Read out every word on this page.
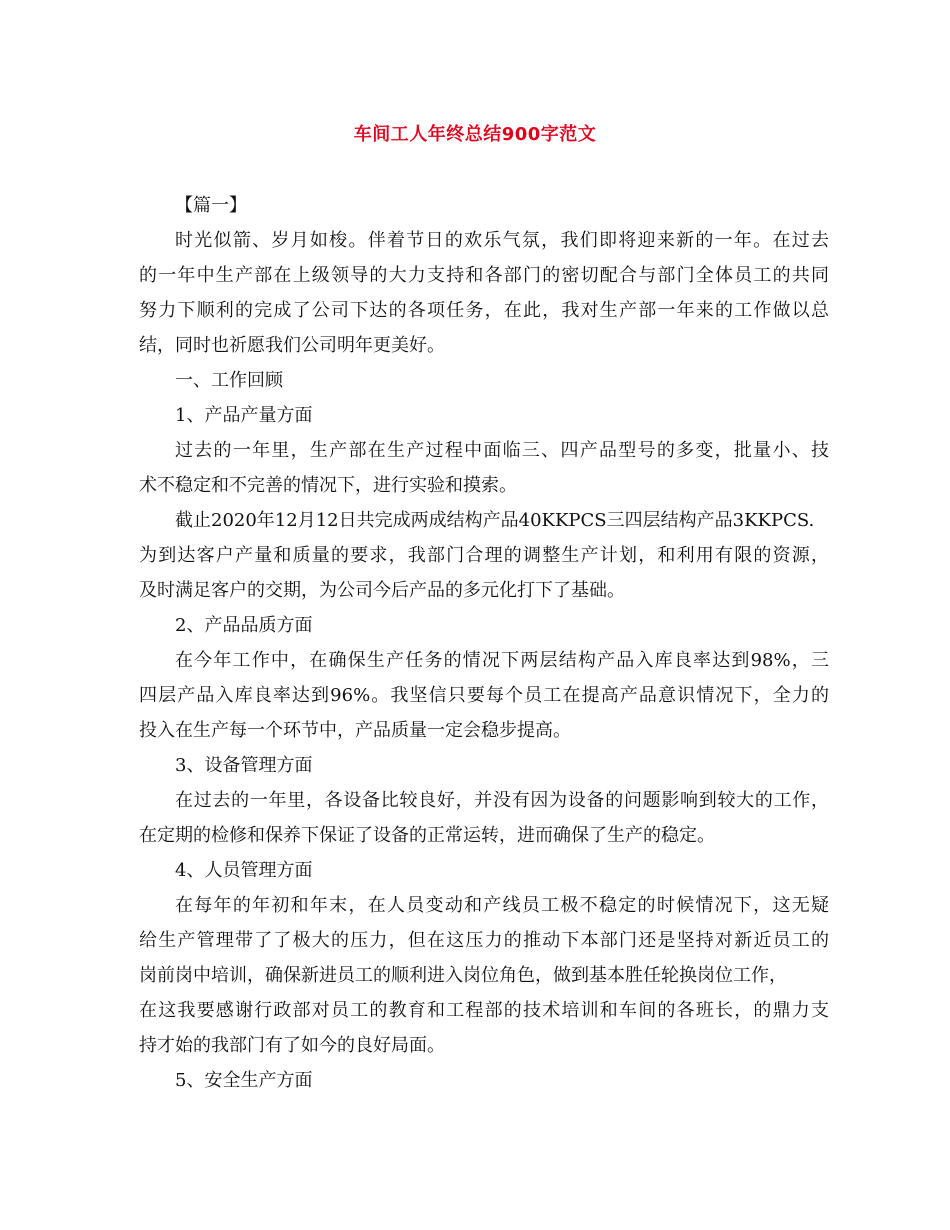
车间工人年终总结900字范文
【篇一】
时光似箭、岁月如梭。伴着节日的欢乐气氛，我们即将迎来新的一年。在过去
的一年中生产部在上级领导的大力支持和各部门的密切配合与部门全体员工的共同
努力下顺利的完成了公司下达的各项任务，在此，我对生产部一年来的工作做以总
结，同时也祈愿我们公司明年更美好。
一、工作回顾
1、产品产量方面
过去的一年里，生产部在生产过程中面临三、四产品型号的多变，批量小、技
术不稳定和不完善的情况下，进行实验和摸索。
截止2020年12月12日共完成两成结构产品40KKPCS三四层结构产品3KKPCS.
为到达客户产量和质量的要求，我部门合理的调整生产计划，和利用有限的资源，
及时满足客户的交期，为公司今后产品的多元化打下了基础。
2、产品品质方面
在今年工作中，在确保生产任务的情况下两层结构产品入库良率达到98%，三
四层产品入库良率达到96%。我坚信只要每个员工在提高产品意识情况下，全力的
投入在生产每一个环节中，产品质量一定会稳步提高。
3、设备管理方面
在过去的一年里，各设备比较良好，并没有因为设备的问题影响到较大的工作，
在定期的检修和保养下保证了设备的正常运转，进而确保了生产的稳定。
4、人员管理方面
在每年的年初和年末，在人员变动和产线员工极不稳定的时候情况下，这无疑
给生产管理带了了极大的压力，但在这压力的推动下本部门还是坚持对新近员工的
岗前岗中培训，确保新进员工的顺利进入岗位角色，做到基本胜任轮换岗位工作，
在这我要感谢行政部对员工的教育和工程部的技术培训和车间的各班长，的鼎力支
持才始的我部门有了如今的良好局面。
5、安全生产方面
